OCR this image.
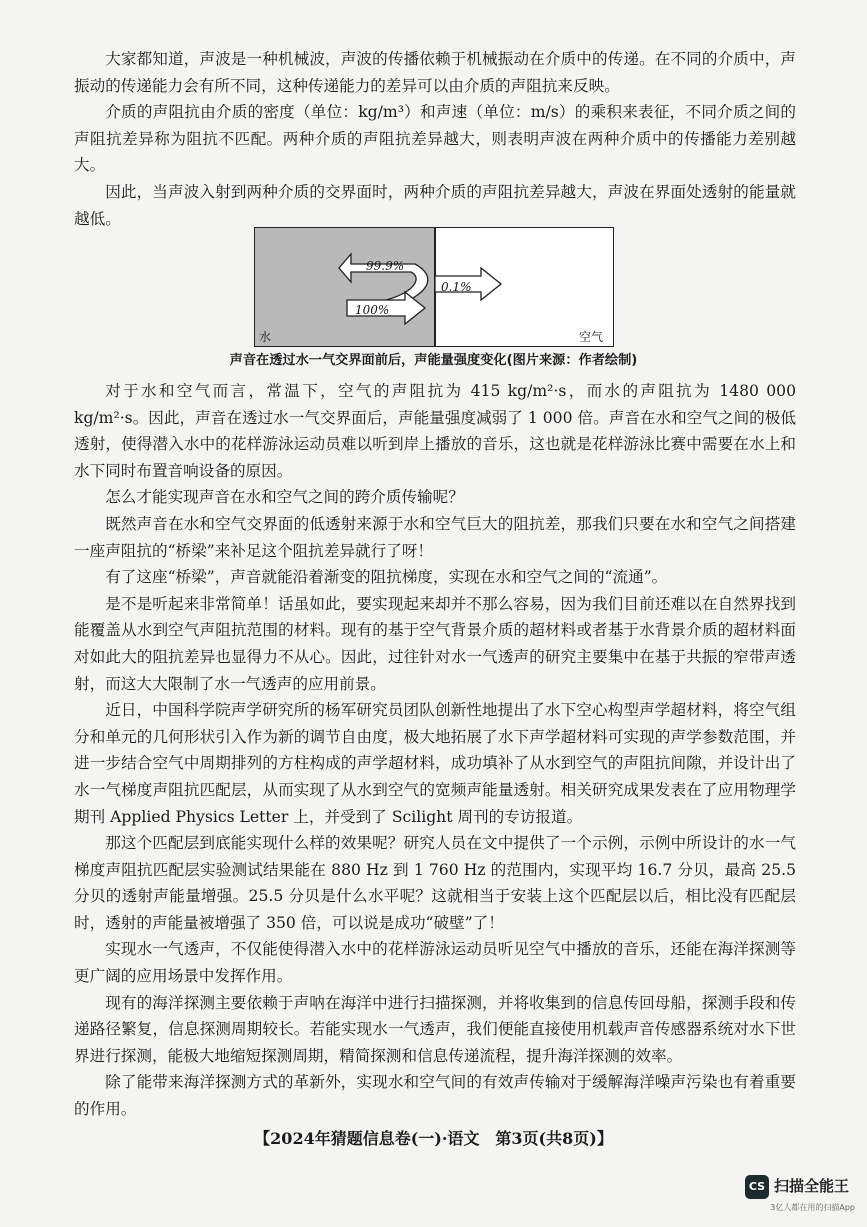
大家都知道，声波是一种机械波，声波的传播依赖于机械振动在介质中的传递。在不同的介质中，声振动的传递能力会有所不同，这种传递能力的差异可以由介质的声阻抗来反映。

介质的声阻抗由介质的密度（单位：kg/m³）和声速（单位：m/s）的乘积来表征，不同介质之间的声阻抗差异称为阻抗不匹配。两种介质的声阻抗差异越大，则表明声波在两种介质中的传播能力差别越大。

因此，当声波入射到两种介质的交界面时，两种介质的声阻抗差异越大，声波在界面处透射的能量就越低。

99.9%
0.1%
100%
水	空气
声音在透过水一气交界面前后，声能量强度变化(图片来源：作者绘制)

对于水和空气而言，常温下，空气的声阻抗为 415 kg/m²·s，而水的声阻抗为 1480 000 kg/m²·s。因此，声音在透过水一气交界面后，声能量强度减弱了 1 000 倍。声音在水和空气之间的极低透射，使得潜入水中的花样游泳运动员难以听到岸上播放的音乐，这也就是花样游泳比赛中需要在水上和水下同时布置音响设备的原因。

怎么才能实现声音在水和空气之间的跨介质传输呢？

既然声音在水和空气交界面的低透射来源于水和空气巨大的阻抗差，那我们只要在水和空气之间搭建一座声阻抗的“桥梁”来补足这个阻抗差异就行了呀！

有了这座“桥梁”，声音就能沿着渐变的阻抗梯度，实现在水和空气之间的“流通”。

是不是听起来非常简单！话虽如此，要实现起来却并不那么容易，因为我们目前还难以在自然界找到能覆盖从水到空气声阻抗范围的材料。现有的基于空气背景介质的超材料或者基于水背景介质的超材料面对如此大的阻抗差异也显得力不从心。因此，过往针对水一气透声的研究主要集中在基于共振的窄带声透射，而这大大限制了水一气透声的应用前景。

近日，中国科学院声学研究所的杨军研究员团队创新性地提出了水下空心构型声学超材料，将空气组分和单元的几何形状引入作为新的调节自由度，极大地拓展了水下声学超材料可实现的声学参数范围，并进一步结合空气中周期排列的方柱构成的声学超材料，成功填补了从水到空气的声阻抗间隙，并设计出了水一气梯度声阻抗匹配层，从而实现了从水到空气的宽频声能量透射。相关研究成果发表在了应用物理学期刊 Applied Physics Letter 上，并受到了 Scilight 周刊的专访报道。

那这个匹配层到底能实现什么样的效果呢？研究人员在文中提供了一个示例，示例中所设计的水一气梯度声阻抗匹配层实验测试结果能在 880 Hz 到 1 760 Hz 的范围内，实现平均 16.7 分贝，最高 25.5 分贝的透射声能量增强。25.5 分贝是什么水平呢？这就相当于安装上这个匹配层以后，相比没有匹配层时，透射的声能量被增强了 350 倍，可以说是成功“破壁”了！

实现水一气透声，不仅能使得潜入水中的花样游泳运动员听见空气中播放的音乐，还能在海洋探测等更广阔的应用场景中发挥作用。

现有的海洋探测主要依赖于声呐在海洋中进行扫描探测，并将收集到的信息传回母船，探测手段和传递路径繁复，信息探测周期较长。若能实现水一气透声，我们便能直接使用机载声音传感器系统对水下世界进行探测，能极大地缩短探测周期，精简探测和信息传递流程，提升海洋探测的效率。

除了能带来海洋探测方式的革新外，实现水和空气间的有效声传输对于缓解海洋噪声污染也有着重要的作用。

【2024年猜题信息卷(一)·语文　第3页(共8页)】
CS 扫描全能王
3亿人都在用的扫描App
